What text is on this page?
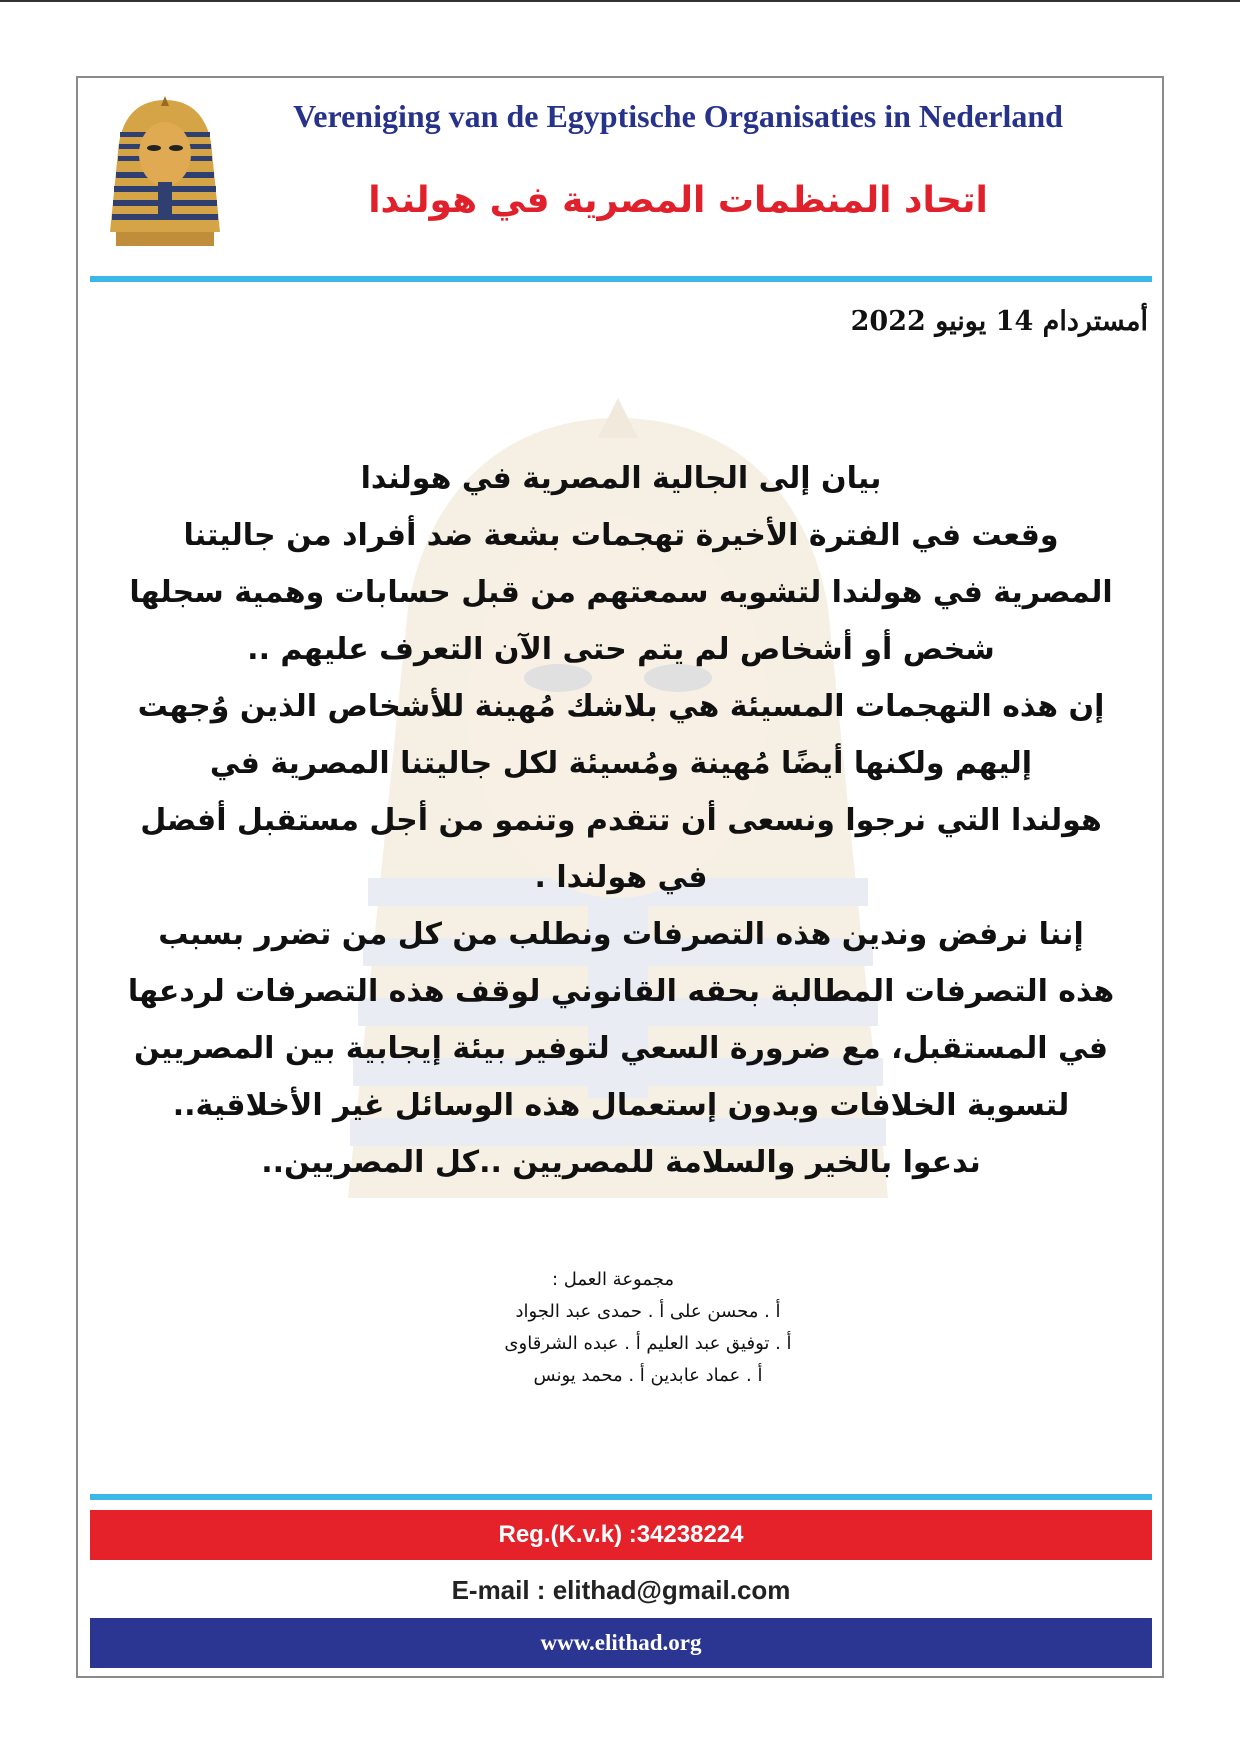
Vereniging van de Egyptische Organisaties in Nederland
اتحاد المنظمات المصرية في هولندا
أمستردام 14 يونيو 2022
بيان إلى الجالية المصرية في هولندا
وقعت في الفترة الأخيرة تهجمات بشعة ضد أفراد من جاليتنا
المصرية في هولندا لتشويه سمعتهم من قبل حسابات وهمية سجلها
شخص أو أشخاص لم يتم حتى الآن التعرف عليهم ..
إن هذه التهجمات المسيئة هي بلاشك مُهينة للأشخاص الذين وُجهت
إليهم ولكنها أيضًا مُهينة ومُسيئة لكل جاليتنا المصرية في
هولندا التي نرجوا ونسعى أن تتقدم وتنمو من أجل مستقبل أفضل
في هولندا .
إننا نرفض وندين هذه التصرفات ونطلب من كل من تضرر بسبب
هذه التصرفات المطالبة بحقه القانوني لوقف هذه التصرفات لردعها
في المستقبل، مع ضرورة السعي لتوفير بيئة إيجابية بين المصريين
لتسوية الخلافات وبدون إستعمال هذه الوسائل غير الأخلاقية..
ندعوا بالخير والسلامة للمصريين ..كل المصريين..
مجموعة العمل :
أ . محسن على أ . حمدى عبد الجواد
أ . توفيق عبد العليم أ . عبده الشرقاوى
أ . عماد عابدين أ . محمد يونس
Reg.(K.v.k) :34238224
E-mail : elithad@gmail.com
www.elithad.org
